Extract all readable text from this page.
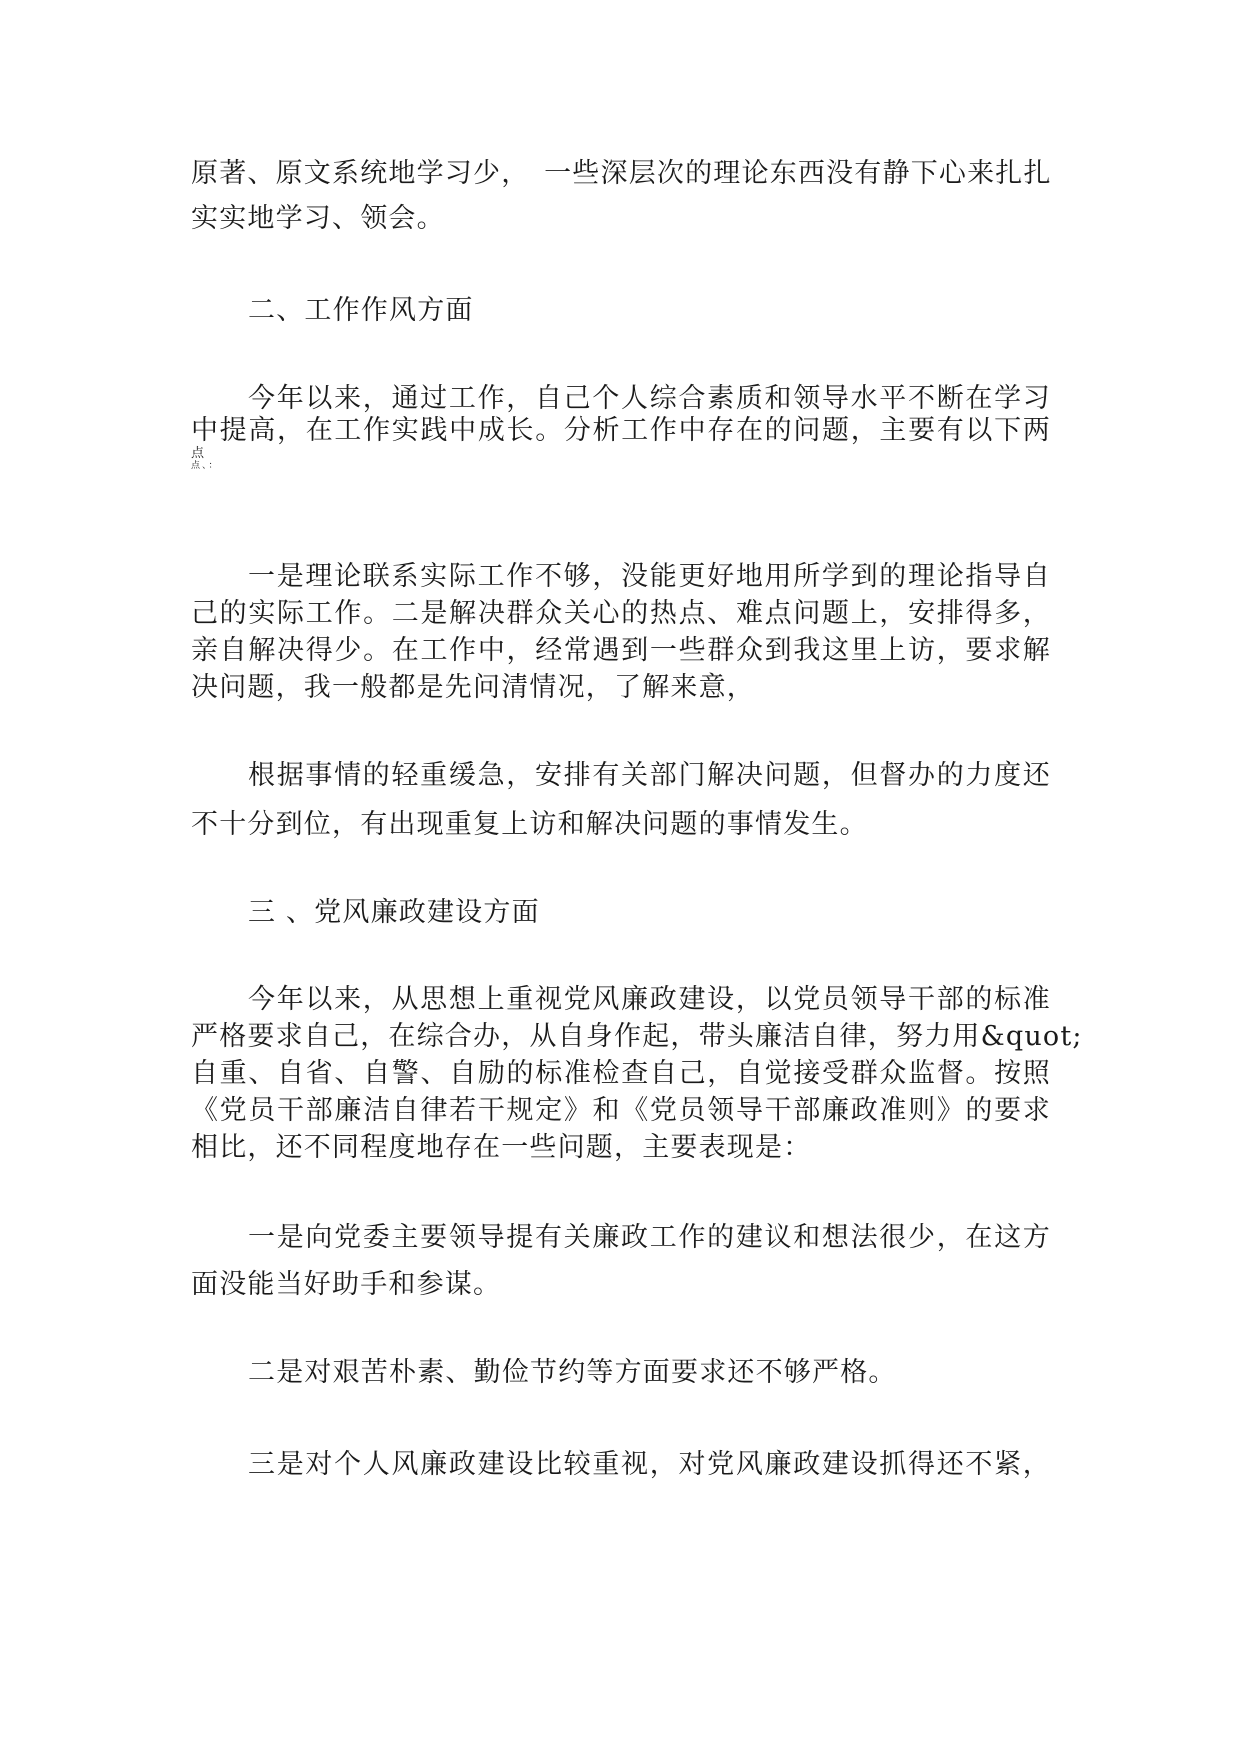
原著、原文系统地学习少，　一些深层次的理论东西没有静下心来扎扎
实实地学习、领会。
二、工作作风方面
今年以来，通过工作，自己个人综合素质和领导水平不断在学习
中提高，在工作实践中成长。分析工作中存在的问题，主要有以下两
点
点、：
一是理论联系实际工作不够，没能更好地用所学到的理论指导自
己的实际工作。二是解决群众关心的热点、难点问题上，安排得多，
亲自解决得少。在工作中，经常遇到一些群众到我这里上访，要求解
决问题，我一般都是先问清情况，了解来意，
根据事情的轻重缓急，安排有关部门解决问题，但督办的力度还
不十分到位，有出现重复上访和解决问题的事情发生。
三 、党风廉政建设方面
今年以来，从思想上重视党风廉政建设，以党员领导干部的标准
严格要求自己，在综合办，从自身作起，带头廉洁自律，努力用&quot;
自重、自省、自警、自励的标准检查自己，自觉接受群众监督。按照
《党员干部廉洁自律若干规定》和《党员领导干部廉政准则》的要求
相比，还不同程度地存在一些问题，主要表现是：
一是向党委主要领导提有关廉政工作的建议和想法很少，在这方
面没能当好助手和参谋。
二是对艰苦朴素、勤俭节约等方面要求还不够严格。
三是对个人风廉政建设比较重视，对党风廉政建设抓得还不紧，
